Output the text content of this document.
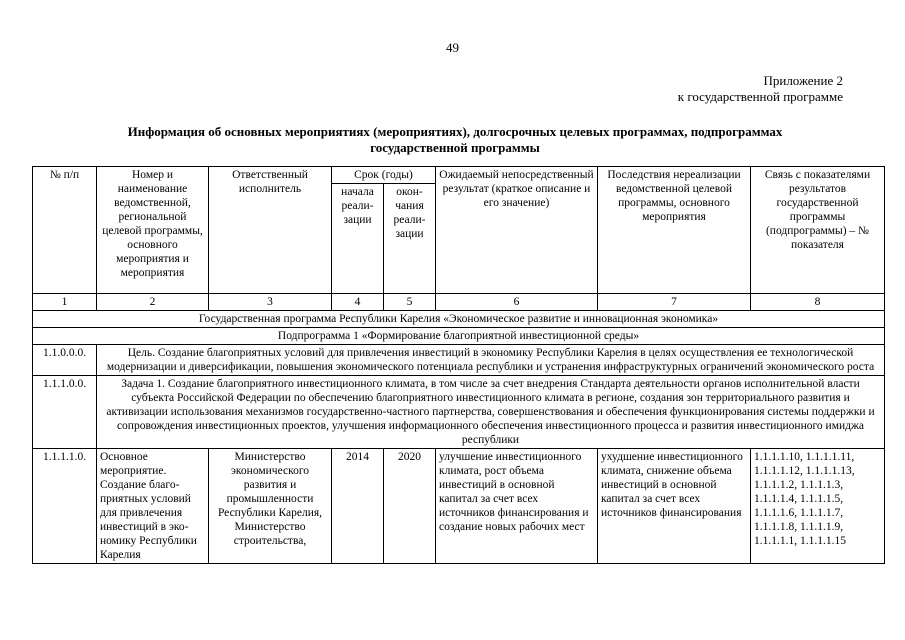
49
Приложение 2
к государственной программе
Информация об основных мероприятиях (мероприятиях), долгосрочных целевых программах, подпрограммах
государственной программы
№ п/п	Номер и наименование ведомственной, региональной целевой программы, основного мероприятия и мероприятия	Ответственный исполнитель	Срок (годы)		Ожидаемый непосредственный результат (краткое описание и его значение)	Последствия нереализации ведомственной целевой программы, основного мероприятия	Связь с показателями результатов государственной программы (подпрограммы) – № показателя
			начала реализации	окончания реализации			
1	2	3	4	5	6	7	8
Государственная программа Республики Карелия «Экономическое развитие и инновационная экономика»							
Подпрограмма 1 «Формирование благоприятной инвестиционной среды»							
1.1.0.0.0.	Цель. Создание благоприятных условий для привлечения инвестиций в экономику Республики Карелия в целях осуществления ее технологической модернизации и диверсификации, повышения экономического потенциала республики и устранения инфраструктурных ограничений экономического роста						
1.1.1.0.0.	Задача 1. Создание благоприятного инвестиционного климата, в том числе за счет внедрения Стандарта деятельности органов исполнительной власти субъекта Российской Федерации по обеспечению благоприятного инвестиционного климата в регионе, создания зон территориального развития и активизации использования механизмов государственно-частного партнерства, совершенствования и обеспечения функционирования системы поддержки и сопровождения инвестиционных проектов, улучшения информационного обеспечения инвестиционного процесса и развития инвестиционного имиджа республики						
1.1.1.1.0.	Основное мероприятие. Создание благоприятных условий для привлечения инвестиций в экономику Республики Карелия	Министерство экономического развития и промышленности Республики Карелия, Министерство строительства,	2014	2020	улучшение инвестиционного климата, рост объема инвестиций в основной капитал за счет всех источников финансирования и создание новых рабочих мест	ухудшение инвестиционного климата, снижение объема инвестиций в основной капитал за счет всех источников финансирования	1.1.1.1.10, 1.1.1.1.11, 1.1.1.1.12, 1.1.1.1.13, 1.1.1.1.2, 1.1.1.1.3, 1.1.1.1.4, 1.1.1.1.5, 1.1.1.1.6, 1.1.1.1.7, 1.1.1.1.8, 1.1.1.1.9, 1.1.1.1.1, 1.1.1.1.15
